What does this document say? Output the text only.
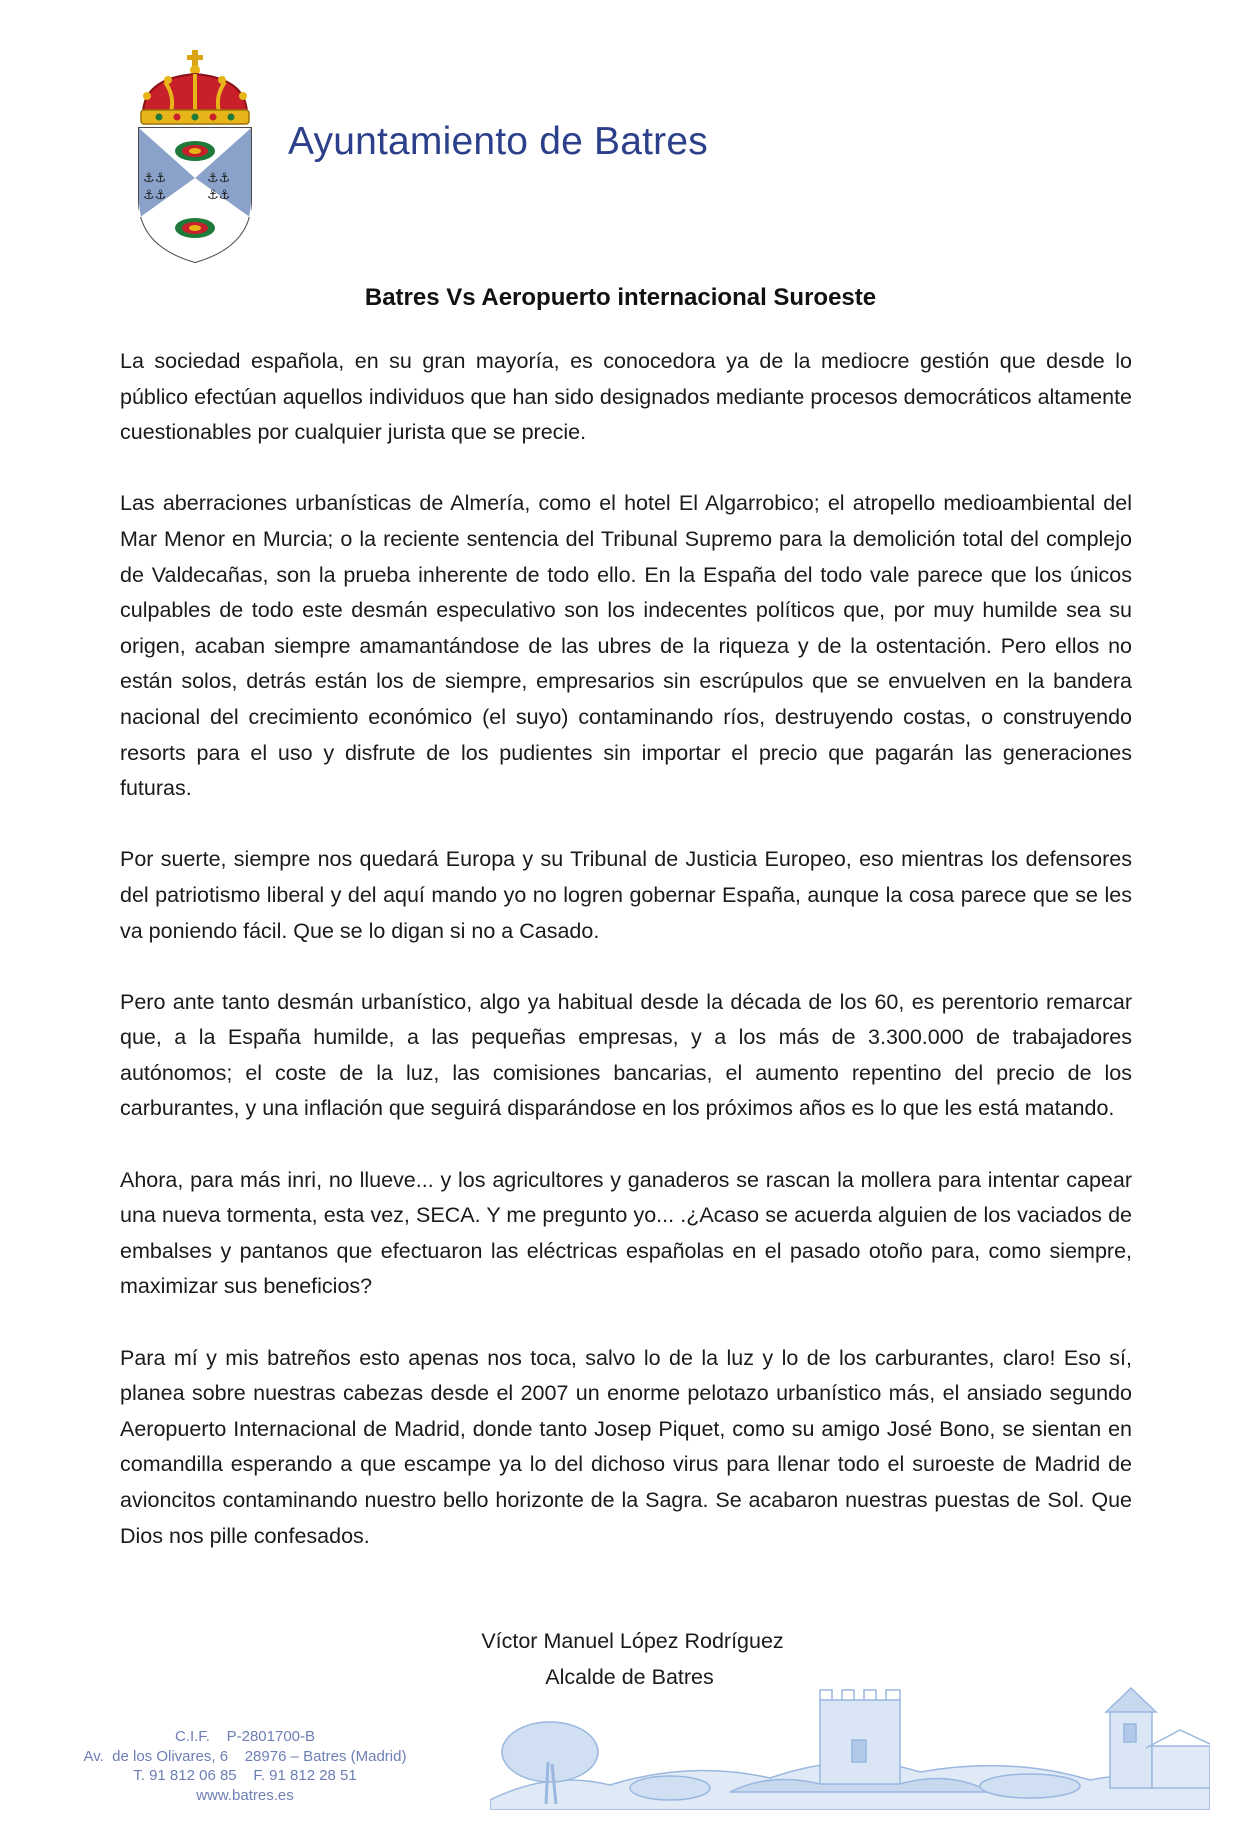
⚓⚓
⚓⚓
⚓⚓
⚓⚓
Ayuntamiento de Batres
Batres Vs Aeropuerto internacional Suroeste

La sociedad española, en su gran mayoría, es conocedora ya de la mediocre gestión que desde lo público efectúan aquellos individuos que han sido designados mediante procesos democráticos altamente cuestionables por cualquier jurista que se precie.

Las aberraciones urbanísticas de Almería, como el hotel El Algarrobico; el atropello medioambiental del Mar Menor en Murcia; o la reciente sentencia del Tribunal Supremo para la demolición total del complejo de Valdecañas, son la prueba inherente de todo ello. En la España del todo vale parece que los únicos culpables de todo este desmán especulativo son los indecentes políticos que, por muy humilde sea su origen, acaban siempre amamantándose de las ubres de la riqueza y de la ostentación. Pero ellos no están solos, detrás están los de siempre, empresarios sin escrúpulos que se envuelven en la bandera nacional del crecimiento económico (el suyo) contaminando ríos, destruyendo costas, o construyendo resorts para el uso y disfrute de los pudientes sin importar el precio que pagarán las generaciones futuras.

Por suerte, siempre nos quedará Europa y su Tribunal de Justicia Europeo, eso mientras los defensores del patriotismo liberal y del aquí mando yo no logren gobernar España, aunque la cosa parece que se les va poniendo fácil. Que se lo digan si no a Casado.

Pero ante tanto desmán urbanístico, algo ya habitual desde la década de los 60, es perentorio remarcar que, a la España humilde, a las pequeñas empresas, y a los más de 3.300.000 de trabajadores autónomos; el coste de la luz, las comisiones bancarias, el aumento repentino del precio de los carburantes, y una inflación que seguirá disparándose en los próximos años es lo que les está matando.

Ahora, para más inri, no llueve... y los agricultores y ganaderos se rascan la mollera para intentar capear una nueva tormenta, esta vez, SECA. Y me pregunto yo... .¿Acaso se acuerda alguien de los vaciados de embalses y pantanos que efectuaron las eléctricas españolas en el pasado otoño para, como siempre, maximizar sus beneficios?

Para mí y mis batreños esto apenas nos toca, salvo lo de la luz y lo de los carburantes, claro! Eso sí, planea sobre nuestras cabezas desde el 2007 un enorme pelotazo urbanístico más, el ansiado segundo Aeropuerto Internacional de Madrid, donde tanto Josep Piquet, como su amigo José Bono, se sientan en comandilla esperando a que escampe ya lo del dichoso virus para llenar todo el suroeste de Madrid de avioncitos contaminando nuestro bello horizonte de la Sagra. Se acabaron nuestras puestas de Sol. Que Dios nos pille confesados.

Víctor Manuel López Rodríguez
Alcalde de Batres
C.I.F.    P-2801700-B
Av.  de los Olivares, 6    28976 – Batres (Madrid)
T. 91 812 06 85    F. 91 812 28 51
www.batres.es
